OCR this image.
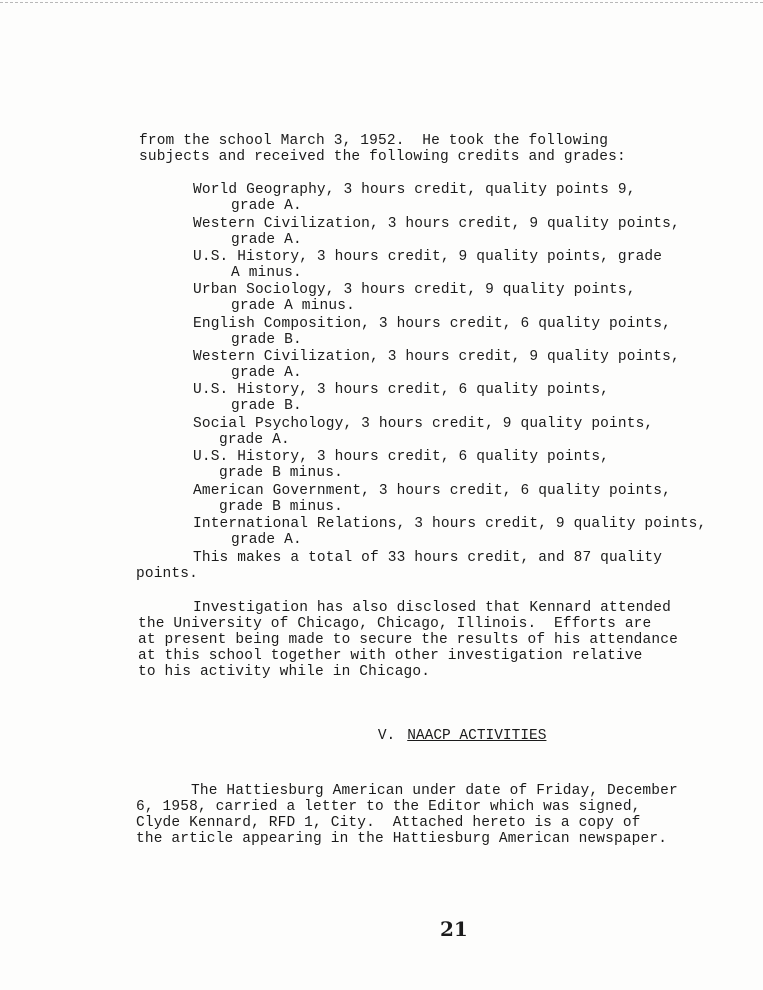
from the school March 3, 1952.  He took the following
subjects and received the following credits and grades:
World Geography, 3 hours credit, quality points 9,
grade A.
Western Civilization, 3 hours credit, 9 quality points,
grade A.
U.S. History, 3 hours credit, 9 quality points, grade
A minus.
Urban Sociology, 3 hours credit, 9 quality points,
grade A minus.
English Composition, 3 hours credit, 6 quality points,
grade B.
Western Civilization, 3 hours credit, 9 quality points,
grade A.
U.S. History, 3 hours credit, 6 quality points,
grade B.
Social Psychology, 3 hours credit, 9 quality points,
grade A.
U.S. History, 3 hours credit, 6 quality points,
grade B minus.
American Government, 3 hours credit, 6 quality points,
grade B minus.
International Relations, 3 hours credit, 9 quality points,
grade A.
This makes a total of 33 hours credit, and 87 quality
points.
Investigation has also disclosed that Kennard attended
the University of Chicago, Chicago, Illinois.  Efforts are
at present being made to secure the results of his attendance
at this school together with other investigation relative
to his activity while in Chicago.

V. NAACP ACTIVITIES

The Hattiesburg American under date of Friday, December
6, 1958, carried a letter to the Editor which was signed,
Clyde Kennard, RFD 1, City.  Attached hereto is a copy of
the article appearing in the Hattiesburg American newspaper.
21
